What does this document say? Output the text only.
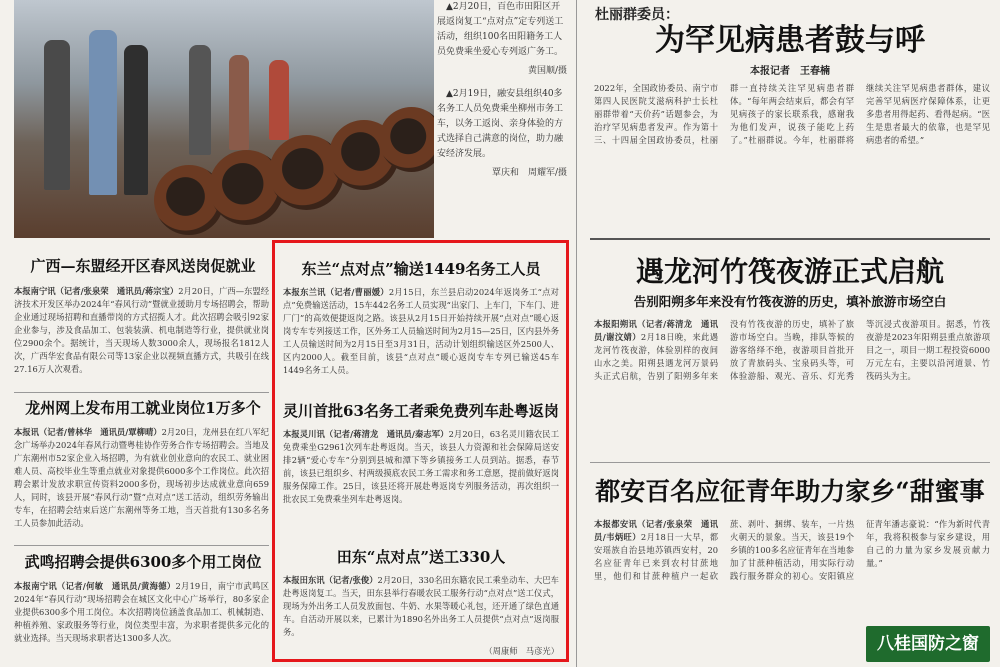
▲2月20日，百色市田阳区开展返岗复工“点对点”定专列送工活动，组织100名田阳籍务工人员免费乘坐爱心专列返广务工。

黄国顺/摄

▲2月19日，融安县组织40多名务工人员免费乘坐柳州市务工车，以务工返岗、亲身体验的方式选择自己满意的岗位，助力融安经济发展。

覃庆和　周耀军/摄
广西—东盟经开区春风送岗促就业
本报南宁讯（记者/张泉荣　通讯员/蒋宗宝）2月20日，广西—东盟经济技术开发区举办2024年“春风行动”暨就业援助月专场招聘会，帮助企业通过现场招聘和直播带岗的方式招揽人才。此次招聘会吸引92家企业参与，涉及食品加工、包装装潢、机电制造等行业，提供就业岗位2900余个。据统计，当天现场人数3000余人，现场报名1812人次，广西华宏食品有限公司等13家企业以视频直播方式，共吸引在线27.16万人次观看。
龙州网上发布用工就业岗位1万多个
本报讯（记者/曾林华　通讯员/覃柳晴）2月20日，龙州县在红八军纪念广场举办2024年春风行动暨粤桂协作劳务合作专场招聘会。当地及广东潮州市52家企业入场招聘，为有就业创业意向的农民工、就业困难人员、高校毕业生等重点就业对象提供6000多个工作岗位。此次招聘会累计发放求职宣传资料2000多份，现场初步达成就业意向659人，同时，该县开展“春风行动”暨“点对点”送工活动，组织劳务输出专车，在招聘会结束后送广东潮州等务工地，当天首批有130多名务工人员参加此活动。
武鸣招聘会提供6300多个用工岗位
本报南宁讯（记者/何敏　通讯员/黄海德）2月19日，南宁市武鸣区2024年“春风行动”现场招聘会在城区文化中心广场举行，80多家企业提供6300多个用工岗位。本次招聘岗位涵盖食品加工、机械制造、种植养殖、家政服务等行业，岗位类型丰富，为求职者提供多元化的就业选择。当天现场求职者达1300多人次。
东兰“点对点”输送1449名务工人员
本报东兰讯（记者/曹丽媛）2月15日，东兰县启动2024年返岗务工“点对点”免费输送活动，15车442名务工人员实现“出家门、上车门，下车门、进厂门”的高效便捷返岗之路。该县从2月15日开始持续开展“点对点”暖心返岗专车专列接送工作，区外务工人员输送时间为2月15—25日，区内县外务工人员输送时间为2月15日至3月31日，活动计划组织输送区外2500人、区内2000人。截至目前，该县“点对点”暖心返岗专车专列已输送45车1449名务工人员。
灵川首批63名务工者乘免费列车赴粤返岗
本报灵川讯（记者/蒋清龙　通讯员/秦志军）2月20日，63名灵川籍农民工免费乘坐G2961次列车赴粤返岗。当天，该县人力资源和社会保障局送安排2辆“爱心专车”分别到县城和潭下等乡镇接务工人员到站。据悉，春节前，该县已组织乡、村两级摸底农民工务工需求和务工意愿，提前做好返岗服务保障工作。25日，该县还将开展赴粤返岗专列服务活动，再次组织一批农民工免费乘坐列车赴粤返岗。
田东“点对点”送工330人
本报田东讯（记者/张俊）2月20日，330名田东籍农民工乘坐动车、大巴车赴粤返岗复工。当天，田东县举行春暖农民工服务行动“点对点”送工仪式，现场为外出务工人员发放面包、牛奶、水果等暖心礼包，还开通了绿色直通车。自活动开展以来，已累计为1890名外出务工人员提供“点对点”返岗服务。
（周康师　马彦光）
杜丽群委员：
为罕见病患者鼓与呼
本报记者　王春楠
2022年，全国政协委员、南宁市第四人民医院艾滋病科护士长杜丽群带着“天价药”话题参会，为治疗罕见病患者发声。作为第十三、十四届全国政协委员，杜丽群一直持续关注罕见病患者群体。“每年两会结束后，都会有罕见病孩子的家长联系我，感谢我为他们发声，说孩子能吃上药了。”杜丽群说。今年，杜丽群将继续关注罕见病患者群体，建议完善罕见病医疗保障体系，让更多患者用得起药、看得起病。“医生是患者最大的依靠，也是罕见病患者的希望。”
遇龙河竹筏夜游正式启航
告别阳朔多年来没有竹筏夜游的历史，填补旅游市场空白
本报阳朔讯（记者/蒋清龙　通讯员/谢汶婧）2月18日晚，来此遇龙河竹筏夜游，体验别样的夜间山水之美。阳朔县遇龙河万景码头正式启航，告别了阳朔多年来没有竹筏夜游的历史，填补了旅游市场空白。当晚，排队等候的游客络绎不绝，夜游项目首批开放了青旅码头、宝泉码头等，可体验游船、观光、音乐、灯光秀等沉浸式夜游项目。据悉，竹筏夜游是2023年阳朔县重点旅游项目之一，项目一期工程投资6000万元左右，主要以沿河道景、竹筏码头为主。
都安百名应征青年助力家乡“甜蜜事
本报都安讯（记者/张泉荣　通讯员/韦炳旺）2月18日一大早，都安瑶族自治县地苏镇西安村，20名应征青年已来到农村甘蔗地里，他们和甘蔗种植户一起砍蔗、剥叶、捆绑、装车，一片热火朝天的景象。当天，该县19个乡镇的100多名应征青年在当地参加了甘蔗种植活动，用实际行动践行服务群众的初心。安阳镇应征青年潘志豪说：“作为新时代青年，我将积极参与家乡建设，用自己的力量为家乡发展贡献力量。”
八桂国防之窗
